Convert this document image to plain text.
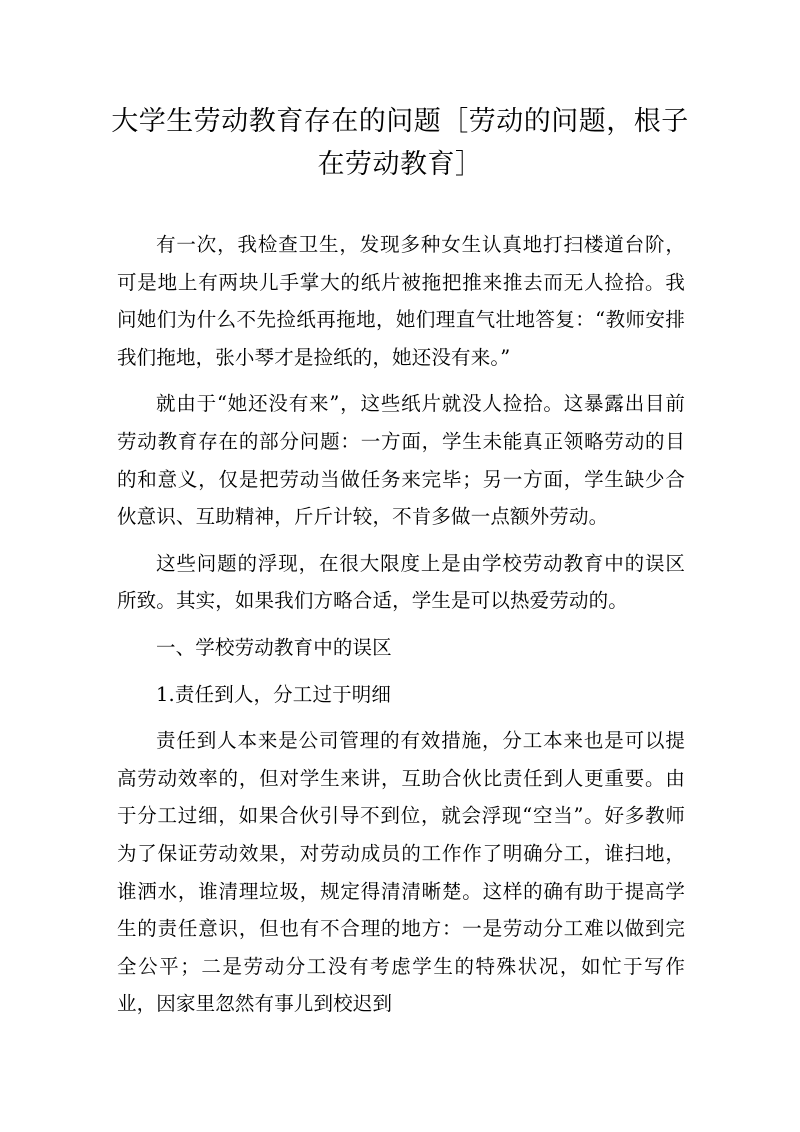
大学生劳动教育存在的问题［劳动的问题，根子在劳动教育］

有一次，我检查卫生，发现多种女生认真地打扫楼道台阶，可是地上有两块儿手掌大的纸片被拖把推来推去而无人捡拾。我问她们为什么不先捡纸再拖地，她们理直气壮地答复：“教师安排我们拖地，张小琴才是捡纸的，她还没有来。”

就由于“她还没有来”，这些纸片就没人捡拾。这暴露出目前劳动教育存在的部分问题：一方面，学生未能真正领略劳动的目的和意义，仅是把劳动当做任务来完毕；另一方面，学生缺少合伙意识、互助精神，斤斤计较，不肯多做一点额外劳动。

这些问题的浮现，在很大限度上是由学校劳动教育中的误区所致。其实，如果我们方略合适，学生是可以热爱劳动的。

一、学校劳动教育中的误区

1.责任到人，分工过于明细

责任到人本来是公司管理的有效措施，分工本来也是可以提高劳动效率的，但对学生来讲，互助合伙比责任到人更重要。由于分工过细，如果合伙引导不到位，就会浮现“空当”。好多教师为了保证劳动效果，对劳动成员的工作作了明确分工，谁扫地，谁洒水，谁清理垃圾，规定得清清晰楚。这样的确有助于提高学生的责任意识，但也有不合理的地方：一是劳动分工难以做到完全公平；二是劳动分工没有考虑学生的特殊状况，如忙于写作业，因家里忽然有事儿到校迟到
